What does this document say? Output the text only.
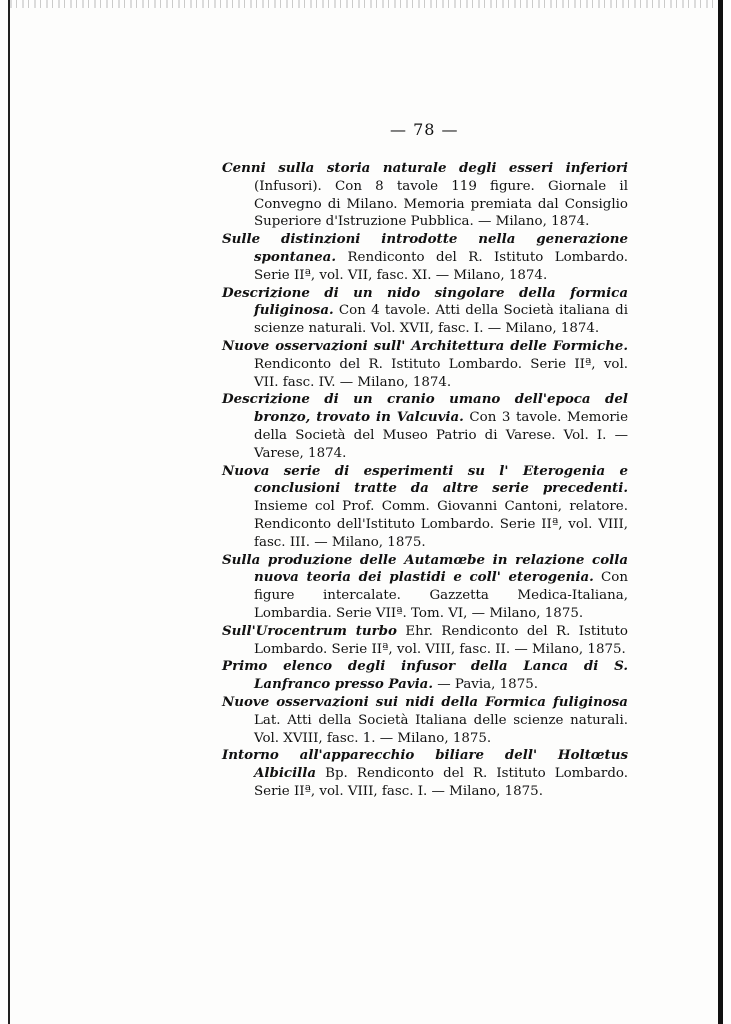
— 78 —

Cenni sulla storia naturale degli esseri inferiori (Infusori). Con 8 tavole 119 figure. Giornale il Convegno di Milano. Memoria premiata dal Consiglio Superiore d'Istruzione Pubblica. — Milano, 1874.

Sulle distinzioni introdotte nella generazione spontanea. Rendiconto del R. Istituto Lombardo. Serie IIª, vol. VII, fasc. XI. — Milano, 1874.

Descrizione di un nido singolare della formica fuliginosa. Con 4 tavole. Atti della Società italiana di scienze naturali. Vol. XVII, fasc. I. — Milano, 1874.

Nuove osservazioni sull' Architettura delle Formiche. Rendiconto del R. Istituto Lombardo. Serie IIª, vol. VII. fasc. IV. — Milano, 1874.

Descrizione di un cranio umano dell'epoca del bronzo, trovato in Valcuvia. Con 3 tavole. Memorie della Società del Museo Patrio di Varese. Vol. I. — Varese, 1874.

Nuova serie di esperimenti su l' Eterogenia e conclusioni tratte da altre serie precedenti. Insieme col Prof. Comm. Giovanni Cantoni, relatore. Rendiconto dell'Istituto Lombardo. Serie IIª, vol. VIII, fasc. III. — Milano, 1875.

Sulla produzione delle Autamœbe in relazione colla nuova teoria dei plastidi e coll' eterogenia. Con figure intercalate. Gazzetta Medica-Italiana, Lombardia. Serie VIIª. Tom. VI, — Milano, 1875.

Sull'Urocentrum turbo Ehr. Rendiconto del R. Istituto Lombardo. Serie IIª, vol. VIII, fasc. II. — Milano, 1875.

Primo elenco degli infusor della Lanca di S. Lanfranco presso Pavia. — Pavia, 1875.

Nuove osservazioni sui nidi della Formica fuliginosa Lat. Atti della Società Italiana delle scienze naturali. Vol. XVIII, fasc. 1. — Milano, 1875.

Intorno all'apparecchio biliare dell' Holtœtus Albicilla Bp. Rendiconto del R. Istituto Lombardo. Serie IIª, vol. VIII, fasc. I. — Milano, 1875.
